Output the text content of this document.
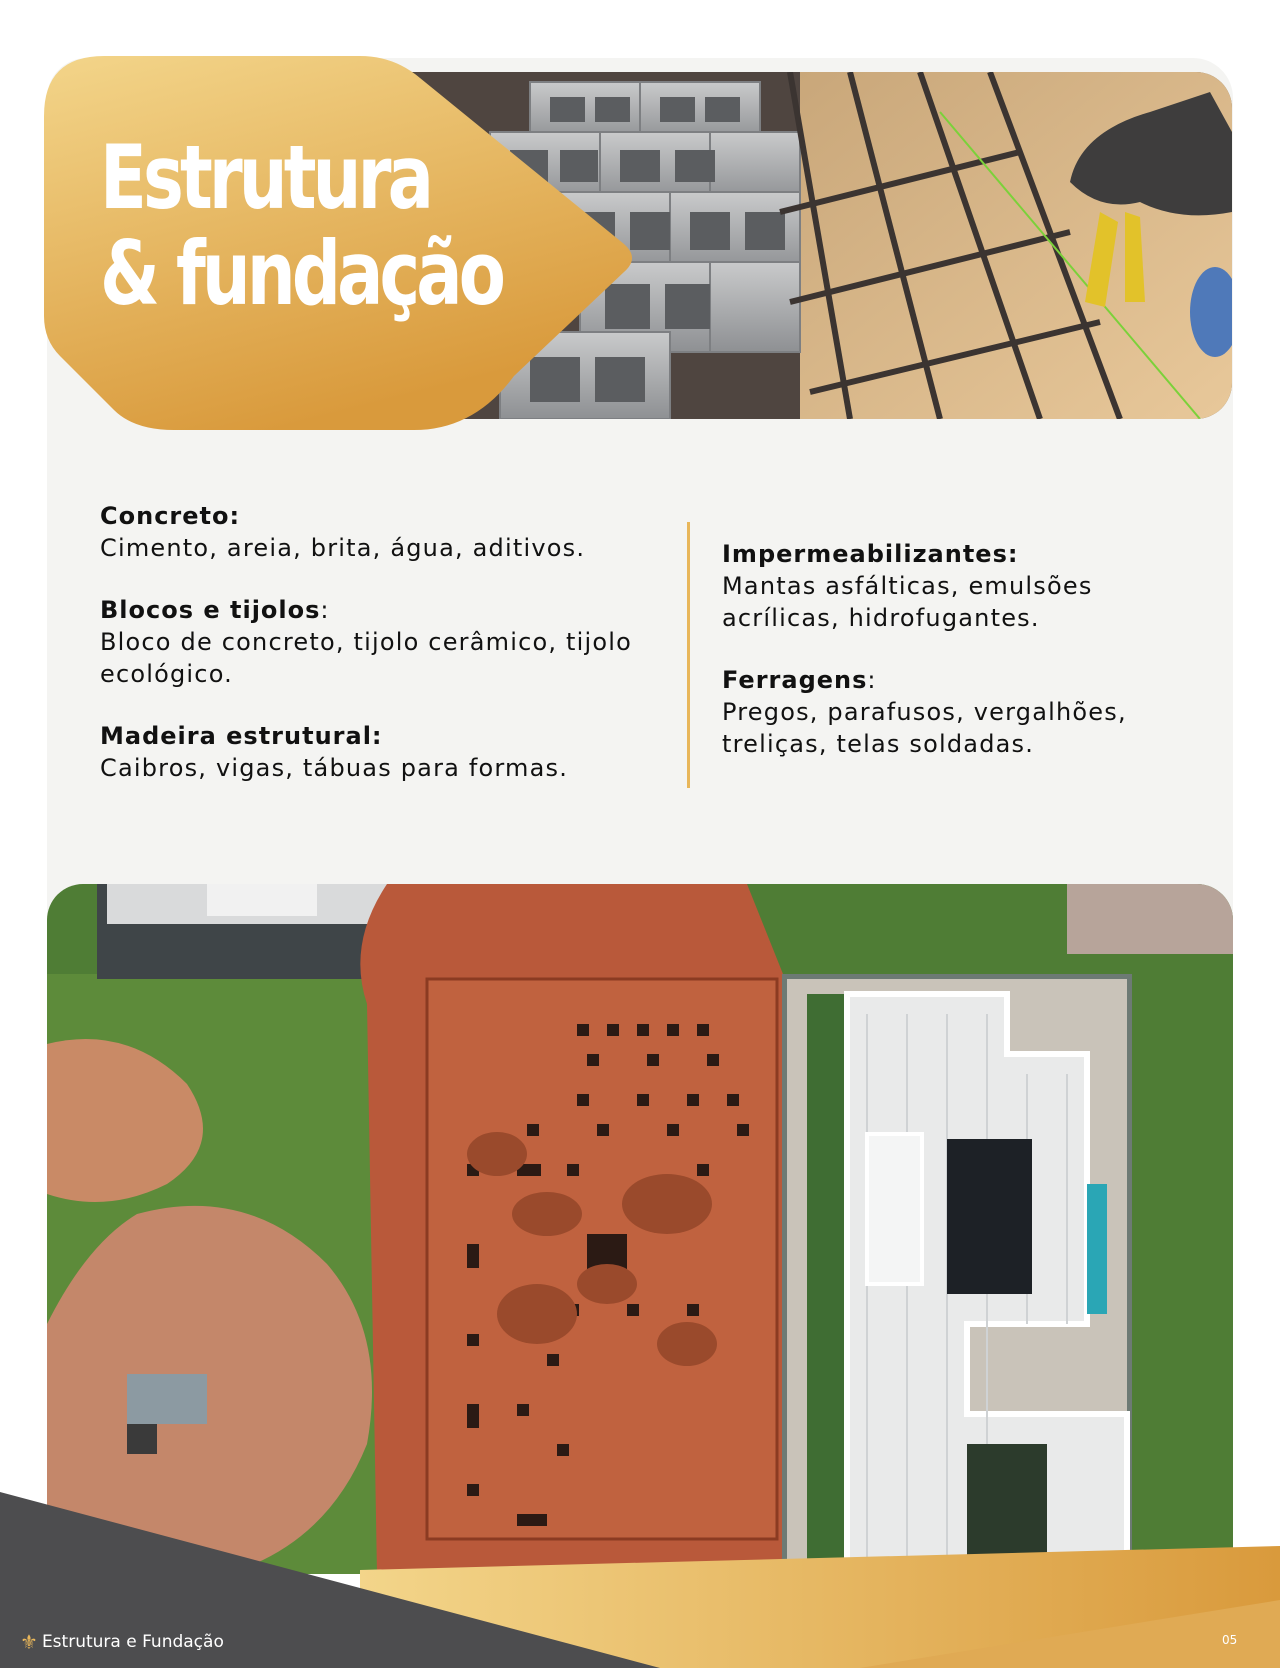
Estrutura
& fundação
Concreto:

Cimento, areia, brita, água, aditivos.

Blocos e tijolos:

Bloco de concreto, tijolo cerâmico, tijolo ecológico.

Madeira estrutural:

Caibros, vigas, tábuas para formas.

Impermeabilizantes:

Mantas asfálticas, emulsões acrílicas, hidrofugantes.

Ferragens:

Pregos, parafusos, vergalhões, treliças, telas soldadas.

⚜ Estrutura e Fundação	05
